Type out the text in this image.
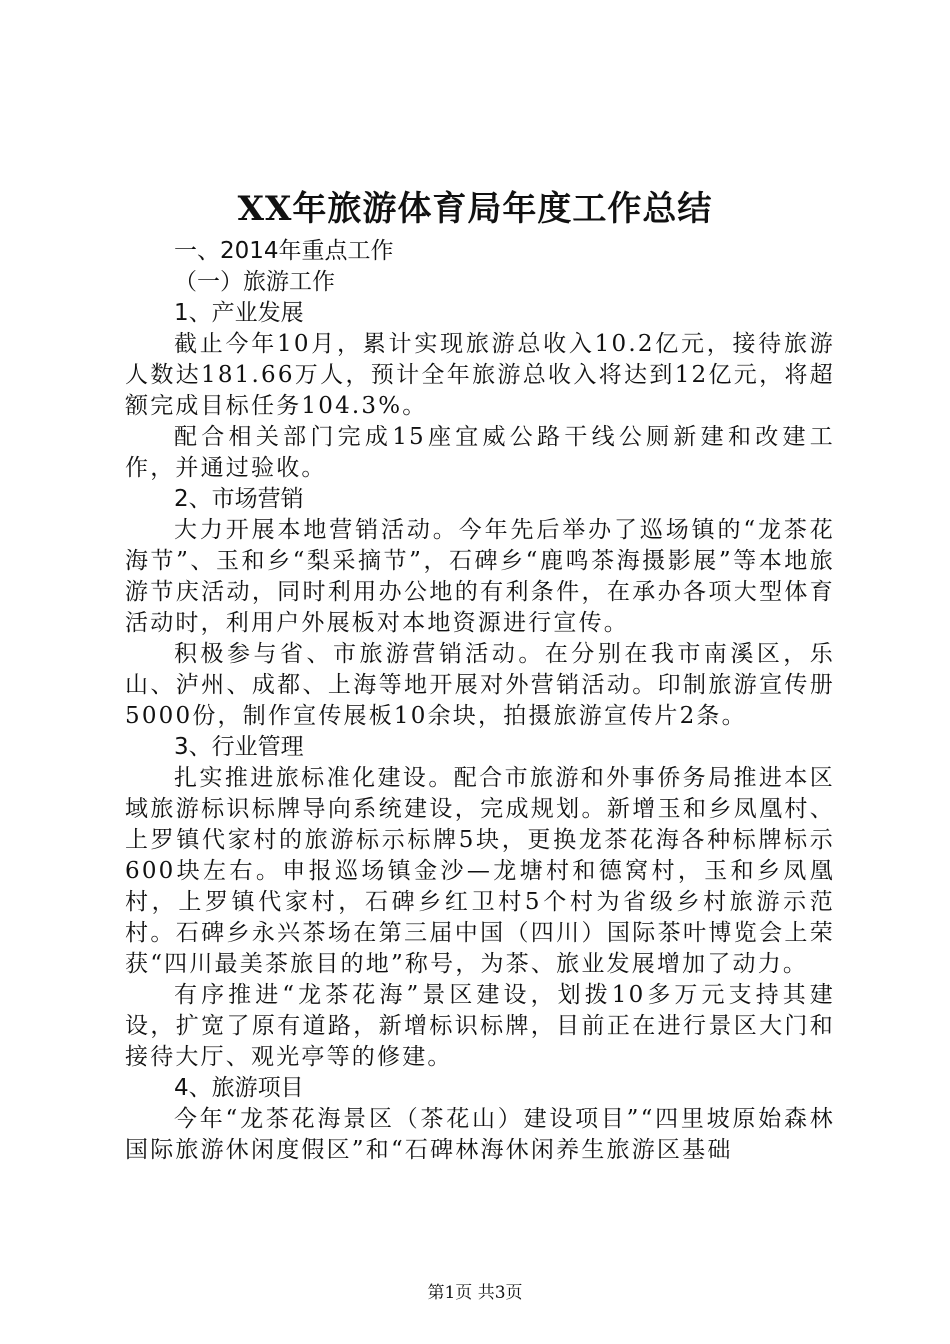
XX年旅游体育局年度工作总结
一、2014年重点工作
（一）旅游工作
1、产业发展

截止今年10月，累计实现旅游总收入10.2亿元，接待旅游人数达181.66万人，预计全年旅游总收入将达到12亿元，将超额完成目标任务104.3%。

配合相关部门完成15座宜威公路干线公厕新建和改建工作，并通过验收。

2、市场营销

大力开展本地营销活动。今年先后举办了巡场镇的“龙茶花海节”、玉和乡“梨采摘节”，石碑乡“鹿鸣茶海摄影展”等本地旅游节庆活动，同时利用办公地的有利条件，在承办各项大型体育活动时，利用户外展板对本地资源进行宣传。

积极参与省、市旅游营销活动。在分别在我市南溪区，乐山、泸州、成都、上海等地开展对外营销活动。印制旅游宣传册5000份，制作宣传展板10余块，拍摄旅游宣传片2条。

3、行业管理

扎实推进旅标准化建设。配合市旅游和外事侨务局推进本区域旅游标识标牌导向系统建设，完成规划。新增玉和乡凤凰村、上罗镇代家村的旅游标示标牌5块，更换龙茶花海各种标牌标示600块左右。申报巡场镇金沙—龙塘村和德窝村，玉和乡凤凰村，上罗镇代家村，石碑乡红卫村5个村为省级乡村旅游示范村。石碑乡永兴茶场在第三届中国（四川）国际茶叶博览会上荣获“四川最美茶旅目的地”称号，为茶、旅业发展增加了动力。

有序推进“龙茶花海”景区建设，划拨10多万元支持其建设，扩宽了原有道路，新增标识标牌，目前正在进行景区大门和接待大厅、观光亭等的修建。

4、旅游项目

今年“龙茶花海景区（茶花山）建设项目”“四里坡原始森林国际旅游休闲度假区”和“石碑林海休闲养生旅游区基础

第1页 共3页
